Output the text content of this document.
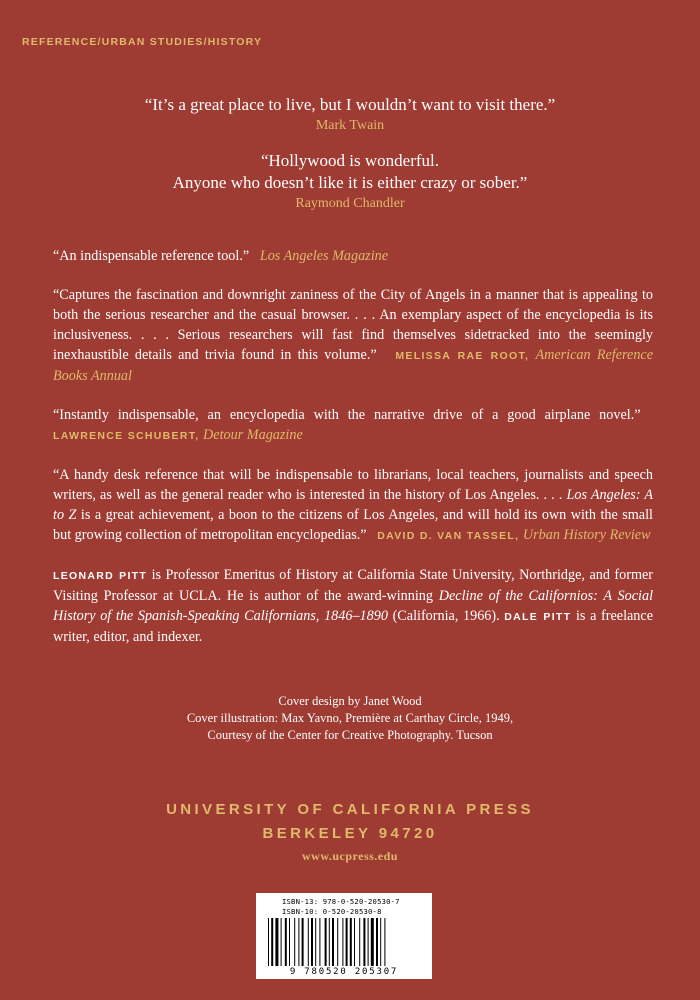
REFERENCE/URBAN STUDIES/HISTORY
“It’s a great place to live, but I wouldn’t want to visit there.”
Mark Twain
“Hollywood is wonderful.
Anyone who doesn’t like it is either crazy or sober.”
Raymond Chandler

“An indispensable reference tool.” Los Angeles Magazine

“Captures the fascination and downright zaniness of the City of Angels in a manner that is appealing to both the serious researcher and the casual browser. . . . An exemplary aspect of the encyclopedia is its inclusiveness. . . . Serious researchers will fast find themselves sidetracked into the seemingly inexhaustible details and trivia found in this volume.” MELISSA RAE ROOT, American Reference Books Annual

“Instantly indispensable, an encyclopedia with the narrative drive of a good airplane novel.”   LAWRENCE SCHUBERT, Detour Magazine

“A handy desk reference that will be indispensable to librarians, local teachers, journalists and speech writers, as well as the general reader who is interested in the history of Los Angeles. . . . Los Angeles: A to Z is a great achievement, a boon to the citizens of Los Angeles, and will hold its own with the small but growing collection of metropolitan encyclopedias.” DAVID D. VAN TASSEL, Urban History Review

LEONARD PITT is Professor Emeritus of History at California State University, Northridge, and former Visiting Professor at UCLA. He is author of the award-winning Decline of the Californios: A Social History of the Spanish-Speaking Californians, 1846–1890 (California, 1966). DALE PITT is a freelance writer, editor, and indexer.

Cover design by Janet Wood
Cover illustration: Max Yavno, Première at Carthay Circle, 1949,
Courtesy of the Center for Creative Photography. Tucson
UNIVERSITY OF CALIFORNIA PRESS
BERKELEY 94720
www.ucpress.edu
ISBN-13: 978-0-520-20530-7
ISBN-10: 0-520-20530-8
9 780520 205307
